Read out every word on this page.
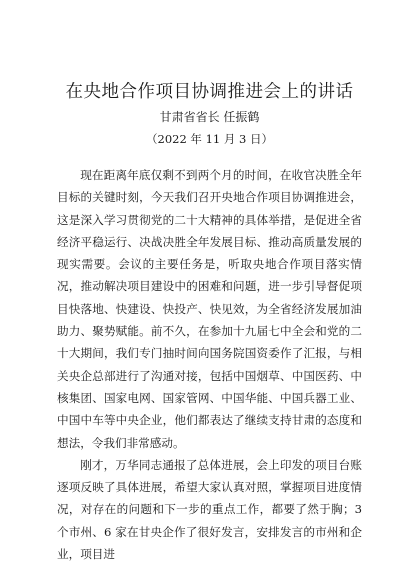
在央地合作项目协调推进会上的讲话

甘肃省省长 任振鹤

（2022 年 11 月 3 日）

现在距离年底仅剩不到两个月的时间，在收官决胜全年目标的关键时刻，今天我们召开央地合作项目协调推进会，这是深入学习贯彻党的二十大精神的具体举措，是促进全省经济平稳运行、决战决胜全年发展目标、推动高质量发展的现实需要。会议的主要任务是，听取央地合作项目落实情况，推动解决项目建设中的困难和问题，进一步引导督促项目快落地、快建设、快投产、快见效，为全省经济发展加油助力、聚势赋能。前不久，在参加十九届七中全会和党的二十大期间，我们专门抽时间向国务院国资委作了汇报，与相关央企总部进行了沟通对接，包括中国烟草、中国医药、中核集团、国家电网、国家管网、中国华能、中国兵器工业、中国中车等中央企业，他们都表达了继续支持甘肃的态度和想法，令我们非常感动。

刚才，万华同志通报了总体进展，会上印发的项目台账逐项反映了具体进展，希望大家认真对照，掌握项目进度情况，对存在的问题和下一步的重点工作，都要了然于胸；3 个市州、6 家在甘央企作了很好发言，安排发言的市州和企业，项目进
